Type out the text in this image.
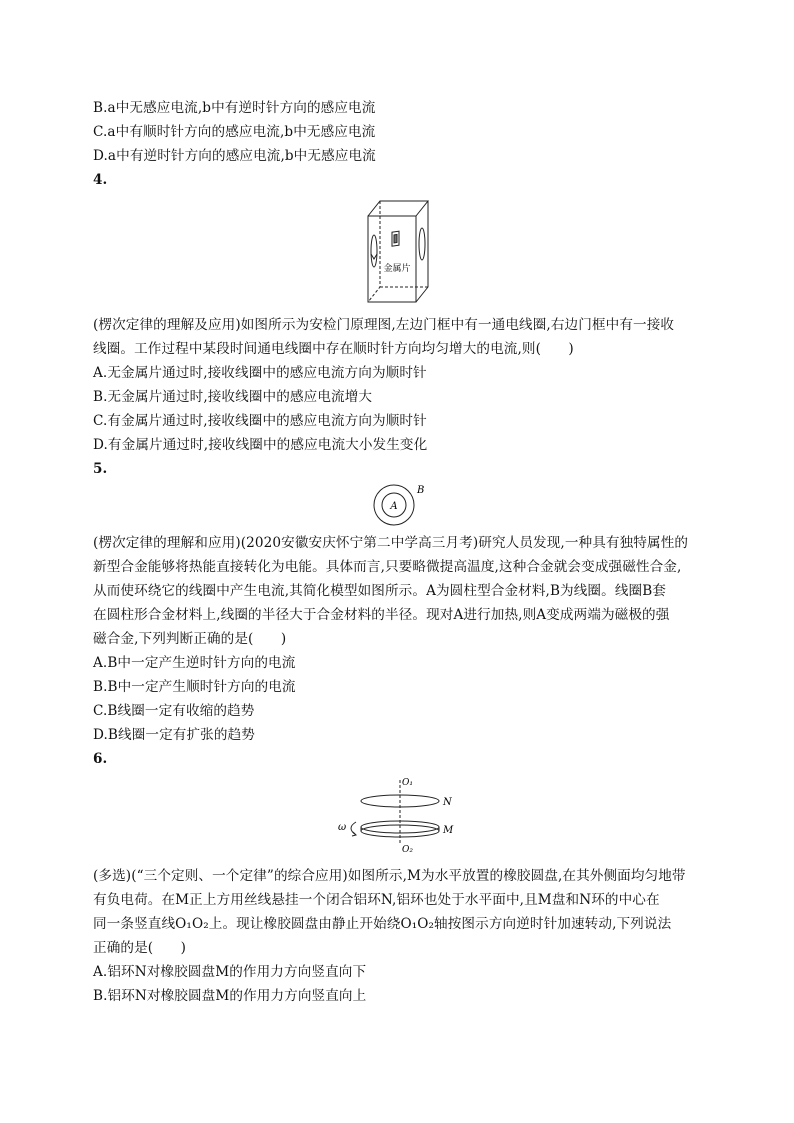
B.a中无感应电流,b中有逆时针方向的感应电流
C.a中有顺时针方向的感应电流,b中无感应电流
D.a中有逆时针方向的感应电流,b中无感应电流
4.
金属片
(楞次定律的理解及应用)如图所示为安检门原理图,左边门框中有一通电线圈,右边门框中有一接收
线圈。工作过程中某段时间通电线圈中存在顺时针方向均匀增大的电流,则(　　)
A.无金属片通过时,接收线圈中的感应电流方向为顺时针
B.无金属片通过时,接收线圈中的感应电流增大
C.有金属片通过时,接收线圈中的感应电流方向为顺时针
D.有金属片通过时,接收线圈中的感应电流大小发生变化
5.
A
B
(楞次定律的理解和应用)(2020安徽安庆怀宁第二中学高三月考)研究人员发现,一种具有独特属性的
新型合金能够将热能直接转化为电能。具体而言,只要略微提高温度,这种合金就会变成强磁性合金,
从而使环绕它的线圈中产生电流,其简化模型如图所示。A为圆柱型合金材料,B为线圈。线圈B套
在圆柱形合金材料上,线圈的半径大于合金材料的半径。现对A进行加热,则A变成两端为磁极的强
磁合金,下列判断正确的是(　　)
A.B中一定产生逆时针方向的电流
B.B中一定产生顺时针方向的电流
C.B线圈一定有收缩的趋势
D.B线圈一定有扩张的趋势
6.
O₁
O₂
N
M
ω
(多选)(“三个定则、一个定律”的综合应用)如图所示,M为水平放置的橡胶圆盘,在其外侧面均匀地带
有负电荷。在M正上方用丝线悬挂一个闭合铝环N,铝环也处于水平面中,且M盘和N环的中心在
同一条竖直线O₁O₂上。现让橡胶圆盘由静止开始绕O₁O₂轴按图示方向逆时针加速转动,下列说法
正确的是(　　)
A.铝环N对橡胶圆盘M的作用力方向竖直向下
B.铝环N对橡胶圆盘M的作用力方向竖直向上
